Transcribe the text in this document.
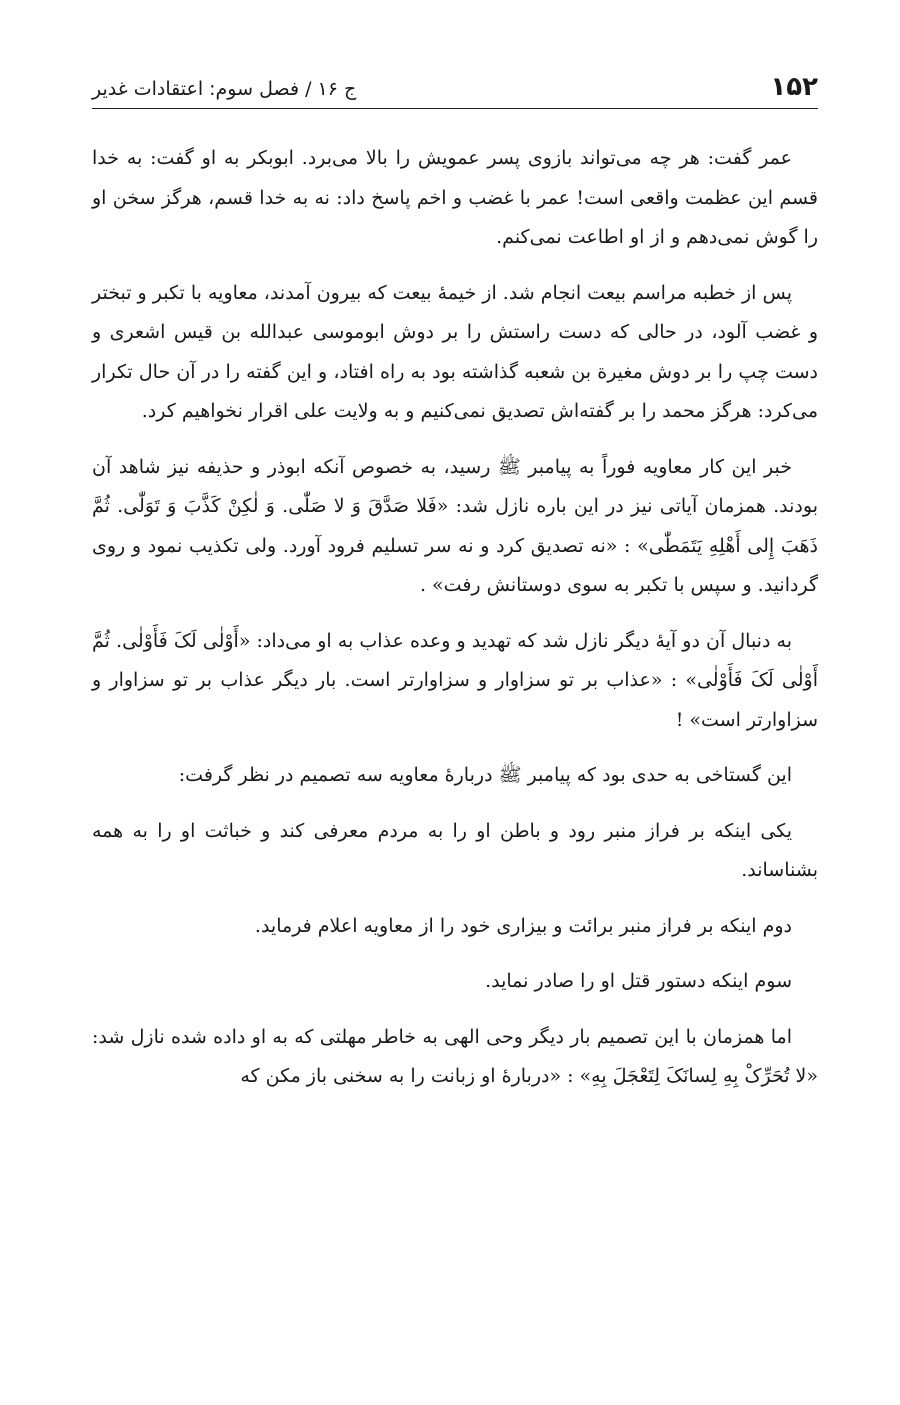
۱۵۲
ج ۱۶ / فصل سوم: اعتقادات غدیر

عمر گفت: هر چه می‌تواند بازوی پسر عمویش را بالا می‌برد. ابوبکر به او گفت: به خدا قسم این عظمت واقعی است! عمر با غضب و اخم پاسخ داد: نه به خدا قسم، هرگز سخن او را گوش نمی‌دهم و از او اطاعت نمی‌کنم.

پس از خطبه مراسم بیعت انجام شد. از خیمهٔ بیعت که بیرون آمدند، معاویه با تکبر و تبختر و غضب آلود، در حالی که دست راستش را بر دوش ابوموسی عبدالله بن قیس اشعری و دست چپ را بر دوش مغیرة بن شعبه گذاشته بود به راه افتاد، و این گفته را در آن حال تکرار می‌کرد: هرگز محمد را بر گفته‌اش تصدیق نمی‌کنیم و به ولایت علی اقرار نخواهیم کرد.

خبر این کار معاویه فوراً به پیامبر ﷺ رسید، به خصوص آنکه ابوذر و حذیفه نیز شاهد آن بودند. همزمان آیاتی نیز در این باره نازل شد: «فَلا صَدَّقَ وَ لا صَلّٰی. وَ لٰکِنْ کَذَّبَ وَ تَوَلّٰی. ثُمَّ ذَهَبَ إِلی أَهْلِهِ یَتَمَطّٰی» : «نه تصدیق کرد و نه سر تسلیم فرود آورد. ولی تکذیب نمود و روی گردانید. و سپس با تکبر به سوی دوستانش رفت» .

به دنبال آن دو آیهٔ دیگر نازل شد که تهدید و وعده عذاب به او می‌داد: «أَوْلٰی لَکَ فَأَوْلٰی. ثُمَّ أَوْلٰی لَکَ فَأَوْلٰی» : «عذاب بر تو سزاوار و سزاوارتر است. بار دیگر عذاب بر تو سزاوار و سزاوارتر است» !

این گستاخی به حدی بود که پیامبر ﷺ دربارهٔ معاویه سه تصمیم در نظر گرفت:

یکی اینکه بر فراز منبر رود و باطن او را به مردم معرفی کند و خباثت او را به همه بشناساند.

دوم اینکه بر فراز منبر برائت و بیزاری خود را از معاویه اعلام فرماید.

سوم اینکه دستور قتل او را صادر نماید.

اما همزمان با این تصمیم بار دیگر وحی الهی به خاطر مهلتی که به او داده شده نازل شد: «لا تُحَرِّکْ بِهِ لِسانَکَ لِتَعْجَلَ بِهِ» : «دربارهٔ او زبانت را به سخنی باز مکن که
